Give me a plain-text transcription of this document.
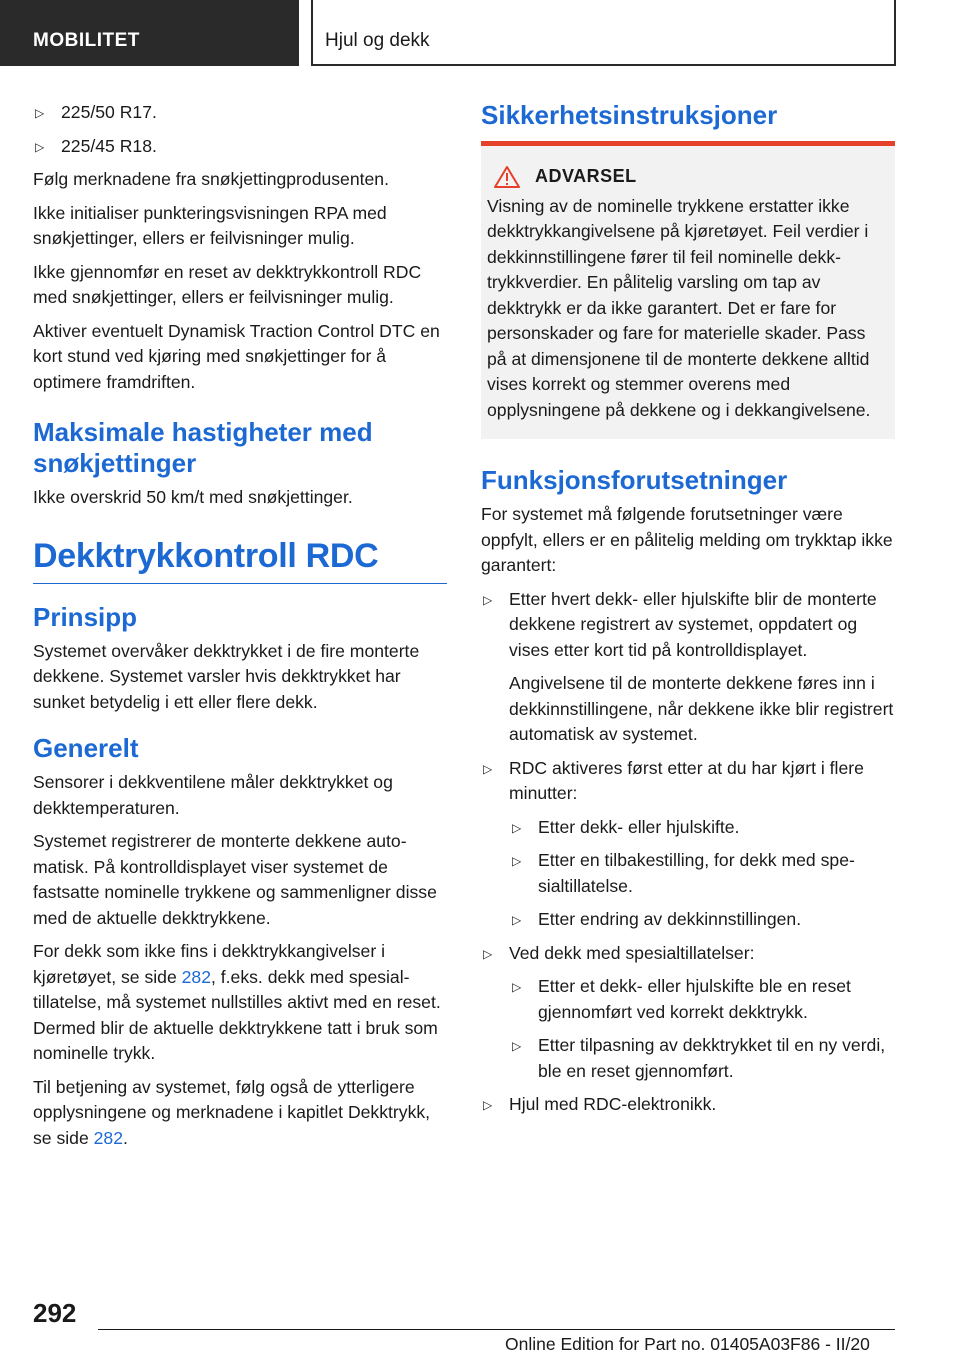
MOBILITET	Hjul og dekk
▷ 225/50 R17.
▷ 225/45 R18.

Følg merknadene fra snøkjettingprodusenten.

Ikke initialiser punkteringsvisningen RPA med snøkjettinger, ellers er feilvisninger mulig.

Ikke gjennomfør en reset av dekktrykkontroll RDC med snøkjettinger, ellers er feilvisninger mulig.

Aktiver eventuelt Dynamisk Traction Control DTC en kort stund ved kjøring med snøkjettinger for å optimere framdriften.

Maksimale hastigheter med snøkjettinger

Ikke overskrid 50 km/t med snøkjettinger.

Dekktrykkontroll RDC
Prinsipp

Systemet overvåker dekktrykket i de fire monterte dekkene. Systemet varsler hvis dekktrykket har sunket betydelig i ett eller flere dekk.

Generelt

Sensorer i dekkventilene måler dekktrykket og dekktemperaturen.

Systemet registrerer de monterte dekkene automatisk. På kontrolldisplayet viser systemet de fastsatte nominelle trykkene og sammenligner disse med de aktuelle dekktrykkene.

For dekk som ikke fins i dekktrykkangivelser i kjøretøyet, se side 282, f.eks. dekk med spesialtillatelse, må systemet nullstilles aktivt med en reset. Dermed blir de aktuelle dekktrykkene tatt i bruk som nominelle trykk.

Til betjening av systemet, følg også de ytterligere opplysningene og merknadene i kapitlet Dekktrykk, se side 282.

Sikkerhetsinstruksjoner
ADVARSEL

Visning av de nominelle trykkene erstatter ikke dekktrykkangivelsene på kjøretøyet. Feil verdier i dekkinnstillingene fører til feil nominelle dekktrykkverdier. En pålitelig varsling om tap av dekktrykk er da ikke garantert. Det er fare for personskader og fare for materielle skader. Pass på at dimensjonene til de monterte dekkene alltid vises korrekt og stemmer overens med opplysningene på dekkene og i dekkangivelsene.

Funksjonsforutsetninger

For systemet må følgende forutsetninger være oppfylt, ellers er en pålitelig melding om trykktap ikke garantert:

▷ Etter hvert dekk- eller hjulskifte blir de monterte dekkene registrert av systemet, oppdatert og vises etter kort tid på kontrolldisplayet.
Angivelsene til de monterte dekkene føres inn i dekkinnstillingene, når dekkene ikke blir registrert automatisk av systemet.
▷ RDC aktiveres først etter at du har kjørt i flere minutter:
▷ Etter dekk- eller hjulskifte.
▷ Etter en tilbakestilling, for dekk med spesialtillatelse.
▷ Etter endring av dekkinnstillingen.
▷ Ved dekk med spesialtillatelser:
▷ Etter et dekk- eller hjulskifte ble en reset gjennomført ved korrekt dekktrykk.
▷ Etter tilpasning av dekktrykket til en ny verdi, ble en reset gjennomført.
▷ Hjul med RDC-elektronikk.
292
Online Edition for Part no. 01405A03F86 - II/20
